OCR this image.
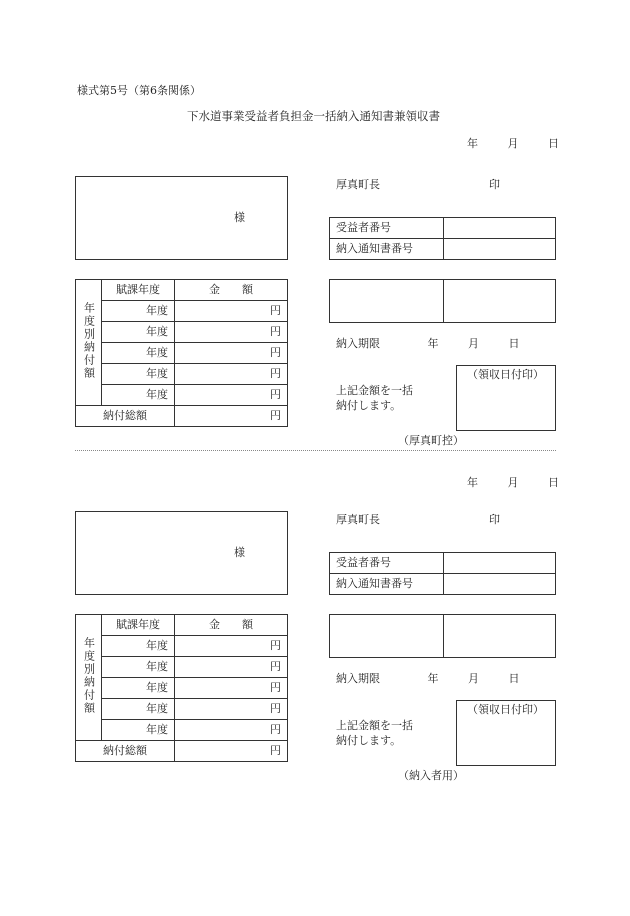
様式第5号（第6条関係）
下水道事業受益者負担金一括納入通知書兼領収書
年	月	日
様
厚真町長	印
受益者番号	
納入通知書番号	
年度別納付額	賦課年度	金　　額
	年度	円
	年度	円
	年度	円
	年度	円
	年度	円
納付総額		円
納入期限	年	月	日
上記金額を一括
納付します。
（領収日付印）
（厚真町控）
年	月	日
様
厚真町長	印
受益者番号	
納入通知書番号	
年度別納付額	賦課年度	金　　額
	年度	円
	年度	円
	年度	円
	年度	円
	年度	円
納付総額		円
納入期限	年	月	日
上記金額を一括
納付します。
（領収日付印）
（納入者用）
